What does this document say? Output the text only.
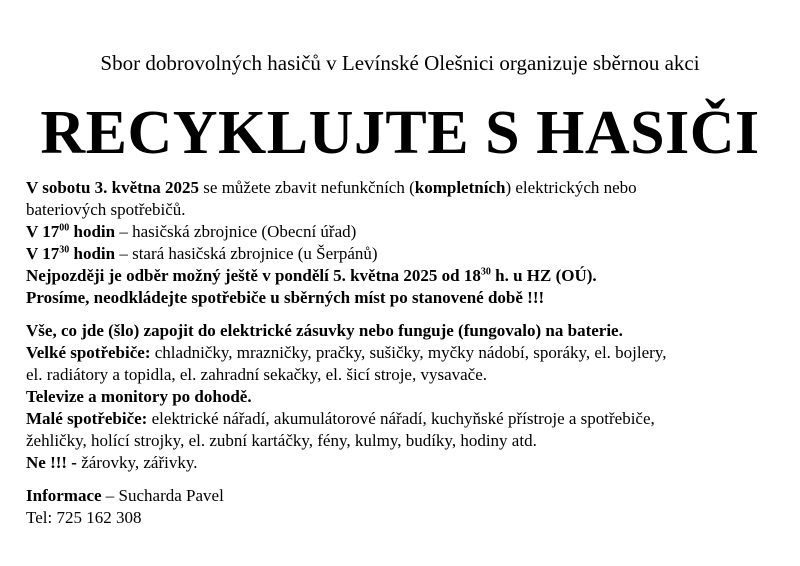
Sbor dobrovolných hasičů v Levínské Olešnici organizuje sběrnou akci
RECYKLUJTE S HASIČI
V sobotu 3. května 2025 se můžete zbavit nefunkčních (kompletních) elektrických nebo
bateriových spotřebičů.
V $17^{00}$ hodin – hasičská zbrojnice (Obecní úřad)
V $17^{30}$ hodin – stará hasičská zbrojnice (u Šerpánů)
Nejpozději je odběr možný ještě v pondělí 5. května 2025 od $18^{30}$ h. u HZ (OÚ).
Prosíme, neodkládejte spotřebiče u sběrných míst po stanovené době !!!
Vše, co jde (šlo) zapojit do elektrické zásuvky nebo funguje (fungovalo) na baterie.
Velké spotřebiče: chladničky, mrazničky, pračky, sušičky, myčky nádobí, sporáky, el. bojlery,
el. radiátory a topidla, el. zahradní sekačky, el. šicí stroje, vysavače.
Televize a monitory po dohodě.
Malé spotřebiče: elektrické nářadí, akumulátorové nářadí, kuchyňské přístroje a spotřebiče,
žehličky, holící strojky, el. zubní kartáčky, fény, kulmy, budíky, hodiny atd.
Ne !!! - žárovky, zářivky.
Informace – Sucharda Pavel
Tel: 725 162 308
